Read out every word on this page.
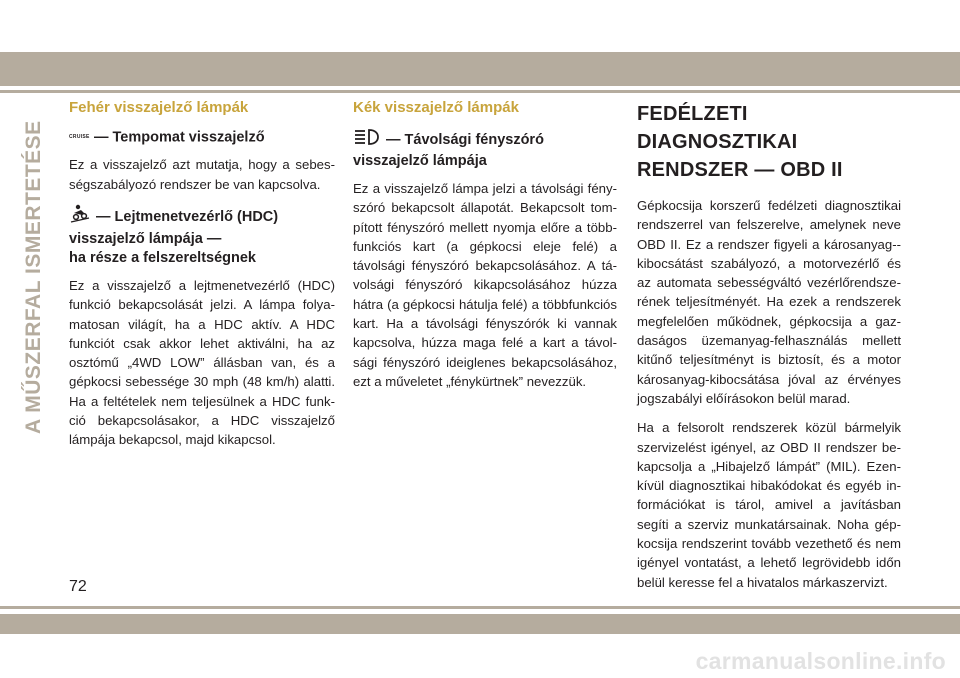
A MŰSZERFAL ISMERTETÉSE
Fehér visszajelző lámpák
CRUISE — Tempomat visszajelző

Ez a visszajelző azt mutatja, hogy a sebes-ségszabályozó rendszer be van kapcsolva.

— Lejtmenetvezérlő (HDC)
visszajelző lámpája —
ha része a felszereltségnek

Ez a visszajelző a lejtmenetvezérlő (HDC) funkció bekapcsolását jelzi. A lámpa folya-matosan világít, ha a HDC aktív. A HDC funkciót csak akkor lehet aktiválni, ha az osztómű „4WD LOW” állásban van, és a gépkocsi sebessége 30 mph (48 km/h) alatti. Ha a feltételek nem teljesülnek a HDC funk-ció bekapcsolásakor, a HDC visszajelző lámpája bekapcsol, majd kikapcsol.

Kék visszajelző lámpák
— Távolsági fényszóró
visszajelző lámpája

Ez a visszajelző lámpa jelzi a távolsági fény-szóró bekapcsolt állapotát. Bekapcsolt tom-pított fényszóró mellett nyomja előre a több-funkciós kart (a gépkocsi eleje felé) a távolsági fényszóró bekapcsolásához. A tá-volsági fényszóró kikapcsolásához húzza hátra (a gépkocsi hátulja felé) a többfunkciós kart. Ha a távolsági fényszórók ki vannak kapcsolva, húzza maga felé a kart a távol-sági fényszóró ideiglenes bekapcsolásához, ezt a műveletet „fénykürtnek” nevezzük.

FEDÉLZETI DIAGNOSZTIKAI
RENDSZER — OBD II

Gépkocsija korszerű fedélzeti diagnosztikai rendszerrel van felszerelve, amelynek neve OBD II. Ez a rendszer figyeli a károsanyag--kibocsátást szabályozó, a motorvezérlő és az automata sebességváltó vezérlőrendsze-rének teljesítményét. Ha ezek a rendszerek megfelelően működnek, gépkocsija a gaz-daságos üzemanyag-felhasználás mellett kitűnő teljesítményt is biztosít, és a motor károsanyag-kibocsátása jóval az érvényes jogszabályi előírásokon belül marad.

Ha a felsorolt rendszerek közül bármelyik szervizelést igényel, az OBD II rendszer be-kapcsolja a „Hibajelző lámpát” (MIL). Ezen-kívül diagnosztikai hibakódokat és egyéb in-formációkat is tárol, amivel a javításban segíti a szerviz munkatársainak. Noha gép-kocsija rendszerint tovább vezethető és nem igényel vontatást, a lehető legrövidebb időn belül keresse fel a hivatalos márkaszervizt.

72
carmanualsonline.info
